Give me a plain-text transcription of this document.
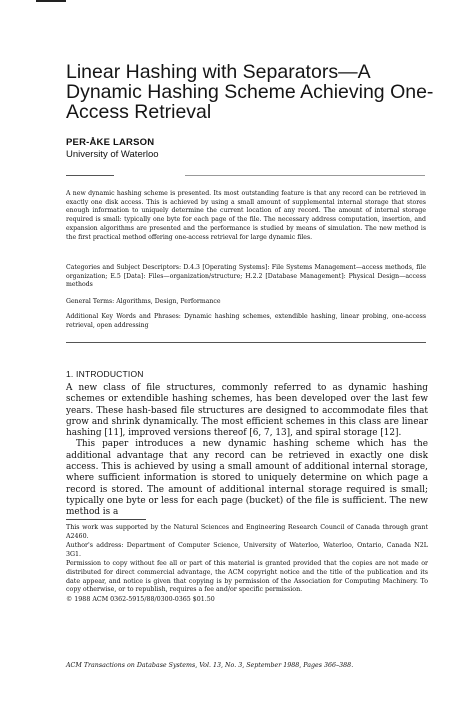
Linear Hashing with Separators—A Dynamic Hashing Scheme Achieving One-Access Retrieval
PER-ÅKE LARSON
University of Waterloo

A new dynamic hashing scheme is presented. Its most outstanding feature is that any record can be retrieved in exactly one disk access. This is achieved by using a small amount of supplemental internal storage that stores enough information to uniquely determine the current location of any record. The amount of internal storage required is small: typically one byte for each page of the file. The necessary address computation, insertion, and expansion algorithms are presented and the performance is studied by means of simulation. The new method is the first practical method offering one-access retrieval for large dynamic files.

Categories and Subject Descriptors: D.4.3 [Operating Systems]: File Systems Management—access methods, file organization; E.5 [Data]: Files—organization/structure; H.2.2 [Database Management]: Physical Design—access methods

General Terms: Algorithms, Design, Performance

Additional Key Words and Phrases: Dynamic hashing schemes, extendible hashing, linear probing, one-access retrieval, open addressing

1. INTRODUCTION

A new class of file structures, commonly referred to as dynamic hashing schemes or extendible hashing schemes, has been developed over the last few years. These hash-based file structures are designed to accommodate files that grow and shrink dynamically. The most efficient schemes in this class are linear hashing [11], improved versions thereof [6, 7, 13], and spiral storage [12].

This paper introduces a new dynamic hashing scheme which has the additional advantage that any record can be retrieved in exactly one disk access. This is achieved by using a small amount of additional internal storage, where sufficient information is stored to uniquely determine on which page a record is stored. The amount of additional internal storage required is small; typically one byte or less for each page (bucket) of the file is sufficient. The new method is a

This work was supported by the Natural Sciences and Engineering Research Council of Canada through grant A2460.

Author's address: Department of Computer Science, University of Waterloo, Waterloo, Ontario, Canada N2L 3G1.

Permission to copy without fee all or part of this material is granted provided that the copies are not made or distributed for direct commercial advantage, the ACM copyright notice and the title of the publication and its date appear, and notice is given that copying is by permission of the Association for Computing Machinery. To copy otherwise, or to republish, requires a fee and/or specific permission.

© 1988 ACM 0362-5915/88/0300-0365 $01.50

ACM Transactions on Database Systems, Vol. 13, No. 3, September 1988, Pages 366–388.
